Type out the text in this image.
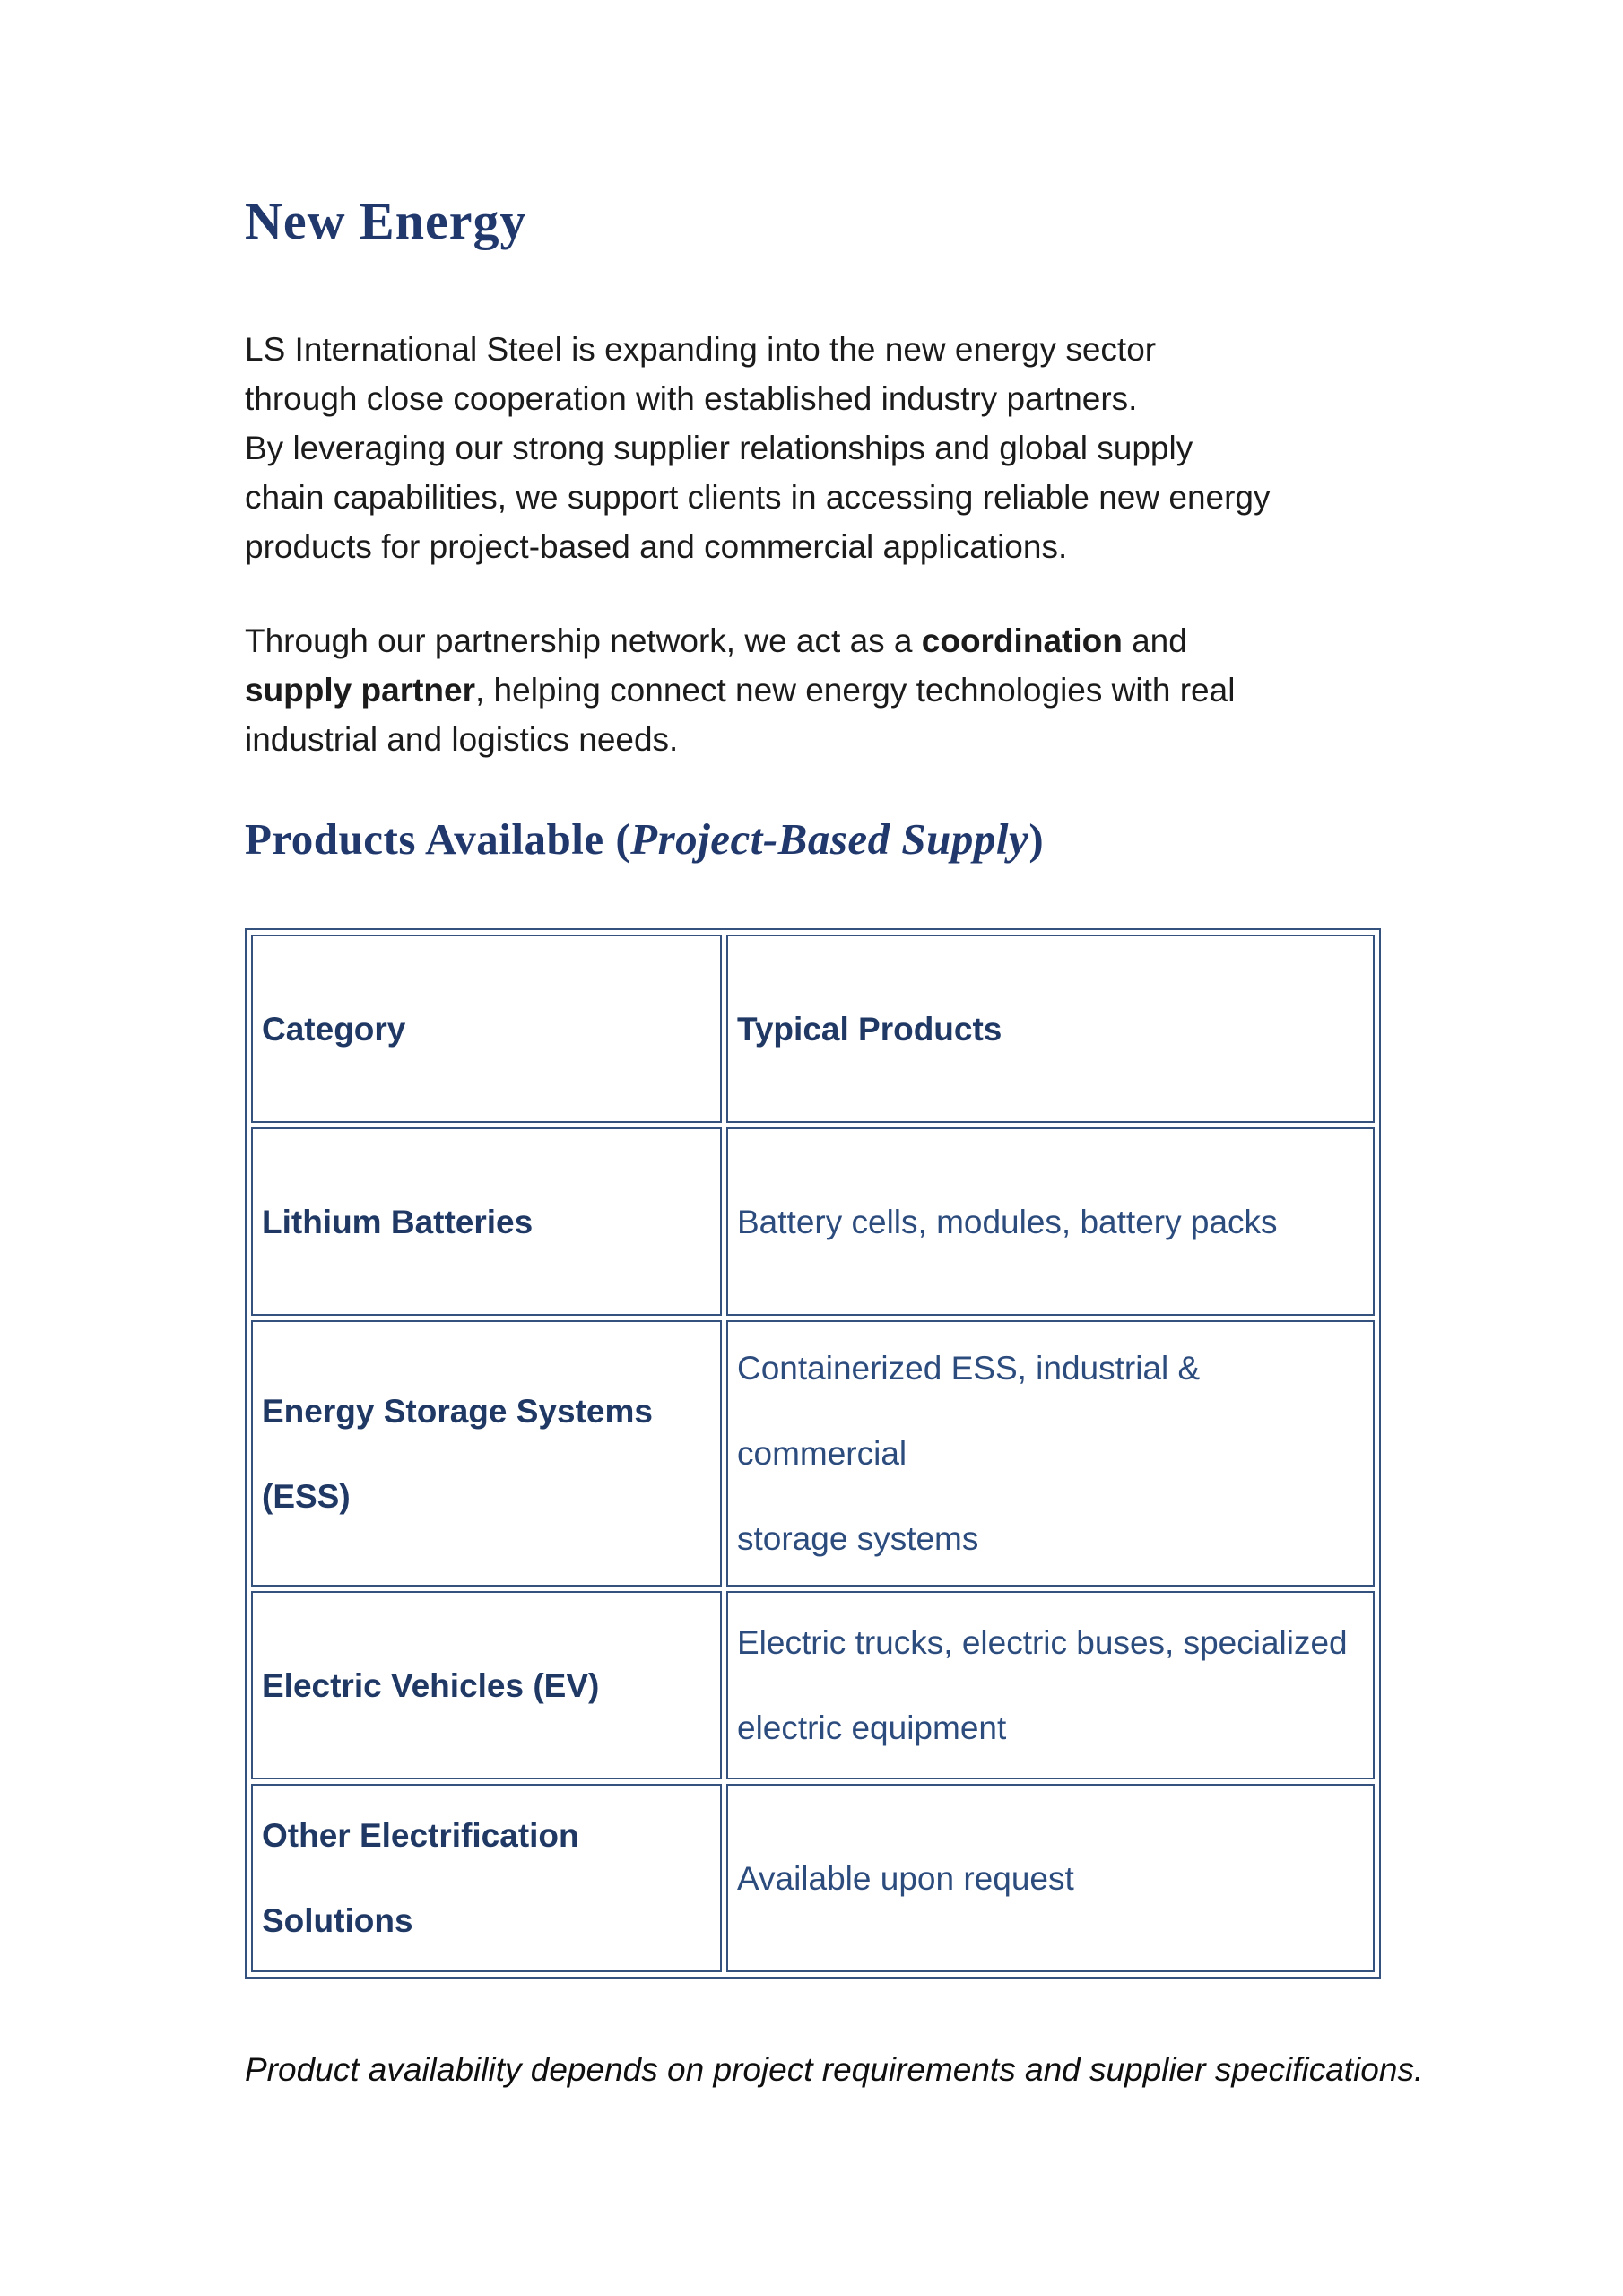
New Energy
LS International Steel is expanding into the new energy sector
through close cooperation with established industry partners.
By leveraging our strong supplier relationships and global supply
chain capabilities, we support clients in accessing reliable new energy
products for project-based and commercial applications.
Through our partnership network, we act as a coordination and
supply partner, helping connect new energy technologies with real
industrial and logistics needs.
Products Available (Project-Based Supply)
Category	Typical Products
Lithium Batteries	Battery cells, modules, battery packs

Energy Storage Systems (ESS)	Containerized ESS, industrial & commercial
storage systems

Electric Vehicles (EV)	Electric trucks, electric buses, specialized
electric equipment

Other Electrification Solutions	Available upon request
Product availability depends on project requirements and supplier specifications.
